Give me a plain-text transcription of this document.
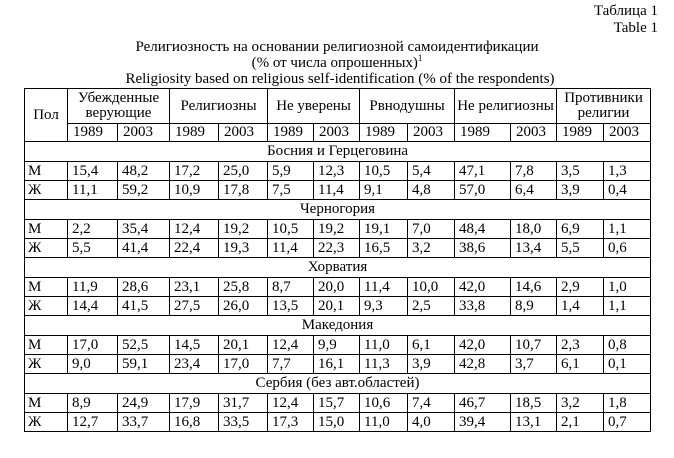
Таблица 1
Table 1
Религиозность на основании религиозной самоидентификации
(% от числа опрошенных)$^1$
Religiosity based on religious self-identification (% of the respondents)
Пол	Убежденные верующие		Религиозны		Не уверены		Рвнодушны		Не религиозны		Противники религии	
	1989	2003	1989	2003	1989	2003	1989	2003	1989	2003	1989	2003
Босния и Герцеговина												
М	15,4	48,2	17,2	25,0	5,9	12,3	10,5	5,4	47,1	7,8	3,5	1,3
Ж	11,1	59,2	10,9	17,8	7,5	11,4	9,1	4,8	57,0	6,4	3,9	0,4
Черногория												
М	2,2	35,4	12,4	19,2	10,5	19,2	19,1	7,0	48,4	18,0	6,9	1,1
Ж	5,5	41,4	22,4	19,3	11,4	22,3	16,5	3,2	38,6	13,4	5,5	0,6
Хорватия												
М	11,9	28,6	23,1	25,8	8,7	20,0	11,4	10,0	42,0	14,6	2,9	1,0
Ж	14,4	41,5	27,5	26,0	13,5	20,1	9,3	2,5	33,8	8,9	1,4	1,1
Македония												
М	17,0	52,5	14,5	20,1	12,4	9,9	11,0	6,1	42,0	10,7	2,3	0,8
Ж	9,0	59,1	23,4	17,0	7,7	16,1	11,3	3,9	42,8	3,7	6,1	0,1
Сербия (без авт.областей)												
М	8,9	24,9	17,9	31,7	12,4	15,7	10,6	7,4	46,7	18,5	3,2	1,8
Ж	12,7	33,7	16,8	33,5	17,3	15,0	11,0	4,0	39,4	13,1	2,1	0,7
